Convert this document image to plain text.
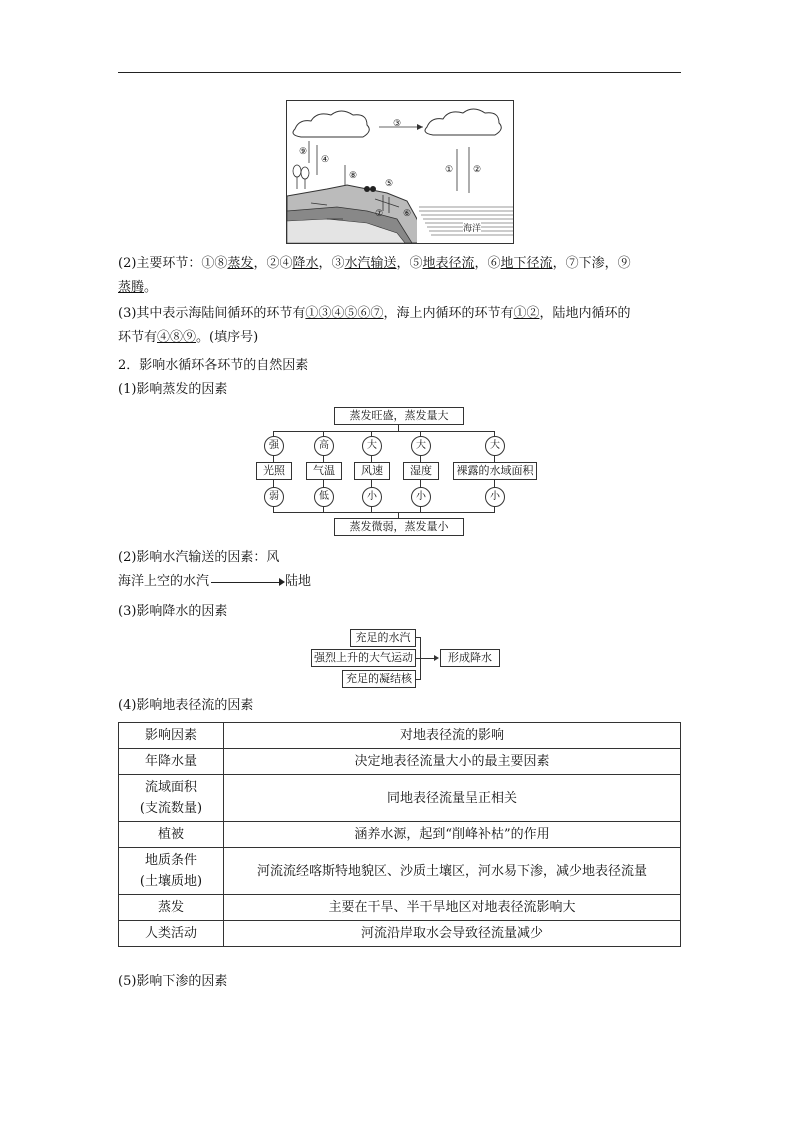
③
⑨
④
⑧
⑤
⑦ ⑥
① ②
海洋
(2)主要环节：①⑧蒸发，②④降水，③水汽输送，⑤地表径流，⑥地下径流，⑦下渗，⑨
蒸腾。
(3)其中表示海陆间循环的环节有①③④⑤⑥⑦，海上内循环的环节有①②，陆地内循环的
环节有④⑧⑨。(填序号)
2．影响水循环各环节的自然因素
(1)影响蒸发的因素
蒸发旺盛，蒸发量大
强	高	大	大	大
光照	气温	风速	湿度	裸露的水域面积
弱	低	小	小	小
蒸发微弱，蒸发量小
(2)影响水汽输送的因素：风
海洋上空的水汽	陆地
(3)影响降水的因素
充足的水汽
强烈上升的大气运动
充足的凝结核
形成降水
(4)影响地表径流的因素
影响因素	对地表径流的影响
年降水量	决定地表径流量大小的最主要因素
流域面积
(支流数量)	同地表径流量呈正相关
植被	涵养水源，起到“削峰补枯”的作用
地质条件
(土壤质地)	河流流经喀斯特地貌区、沙质土壤区，河水易下渗，减少地表径流量
蒸发	主要在干旱、半干旱地区对地表径流影响大
人类活动	河流沿岸取水会导致径流量减少
(5)影响下渗的因素
